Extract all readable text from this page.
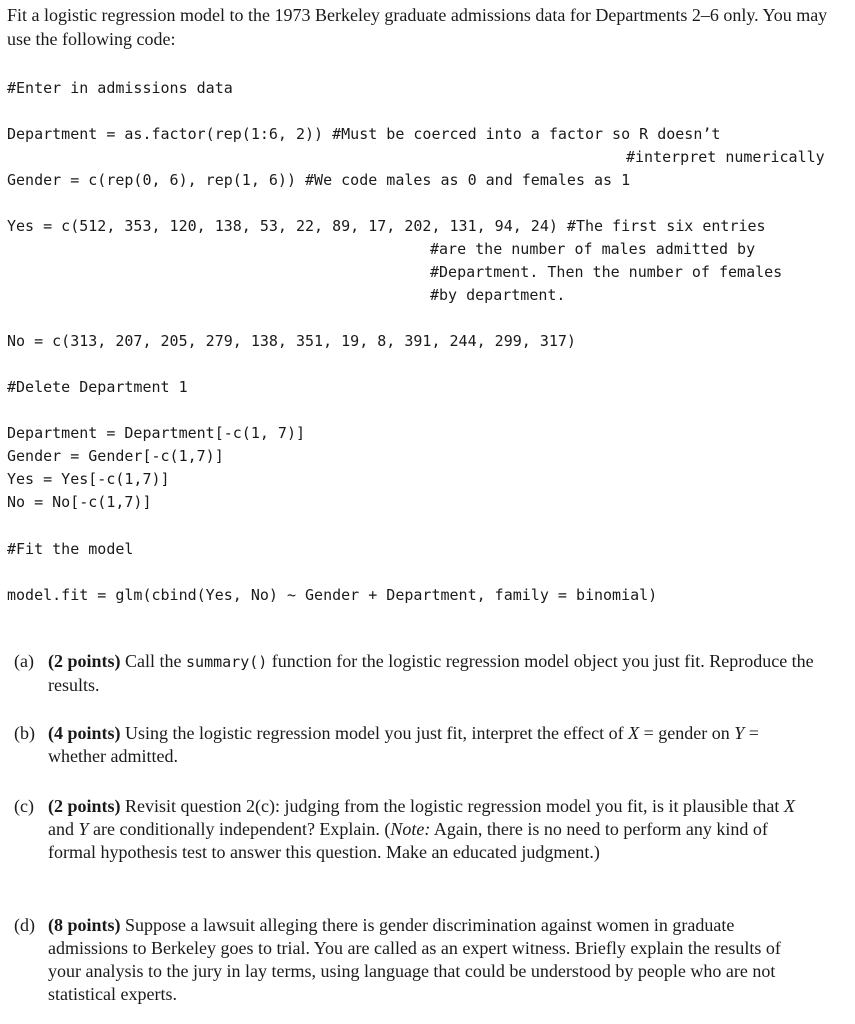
Fit a logistic regression model to the 1973 Berkeley graduate admissions data for Departments 2–6 only. You may use the following code:

#Enter in admissions data
Department = as.factor(rep(1:6, 2)) #Must be coerced into a factor so R doesn’t
#interpret numerically
Gender = c(rep(0, 6), rep(1, 6)) #We code males as 0 and females as 1
Yes = c(512, 353, 120, 138, 53, 22, 89, 17, 202, 131, 94, 24) #The first six entries
#are the number of males admitted by
#Department. Then the number of females
#by department.
No = c(313, 207, 205, 279, 138, 351, 19, 8, 391, 244, 299, 317)
#Delete Department 1
Department = Department[-c(1, 7)]
Gender = Gender[-c(1,7)]
Yes = Yes[-c(1,7)]
No = No[-c(1,7)]
#Fit the model
model.fit = glm(cbind(Yes, No) ~ Gender + Department, family = binomial)
(a) (2 points) Call the summary() function for the logistic regression model object you just fit. Reproduce the results.
(b) (4 points) Using the logistic regression model you just fit, interpret the effect of X = gender on Y = whether admitted.
(c) (2 points) Revisit question 2(c): judging from the logistic regression model you fit, is it plausible that X and Y are conditionally independent? Explain. (Note: Again, there is no need to perform any kind of formal hypothesis test to answer this question. Make an educated judgment.)
(d) (8 points) Suppose a lawsuit alleging there is gender discrimination against women in graduate admissions to Berkeley goes to trial. You are called as an expert witness. Briefly explain the results of your analysis to the jury in lay terms, using language that could be understood by people who are not statistical experts.
